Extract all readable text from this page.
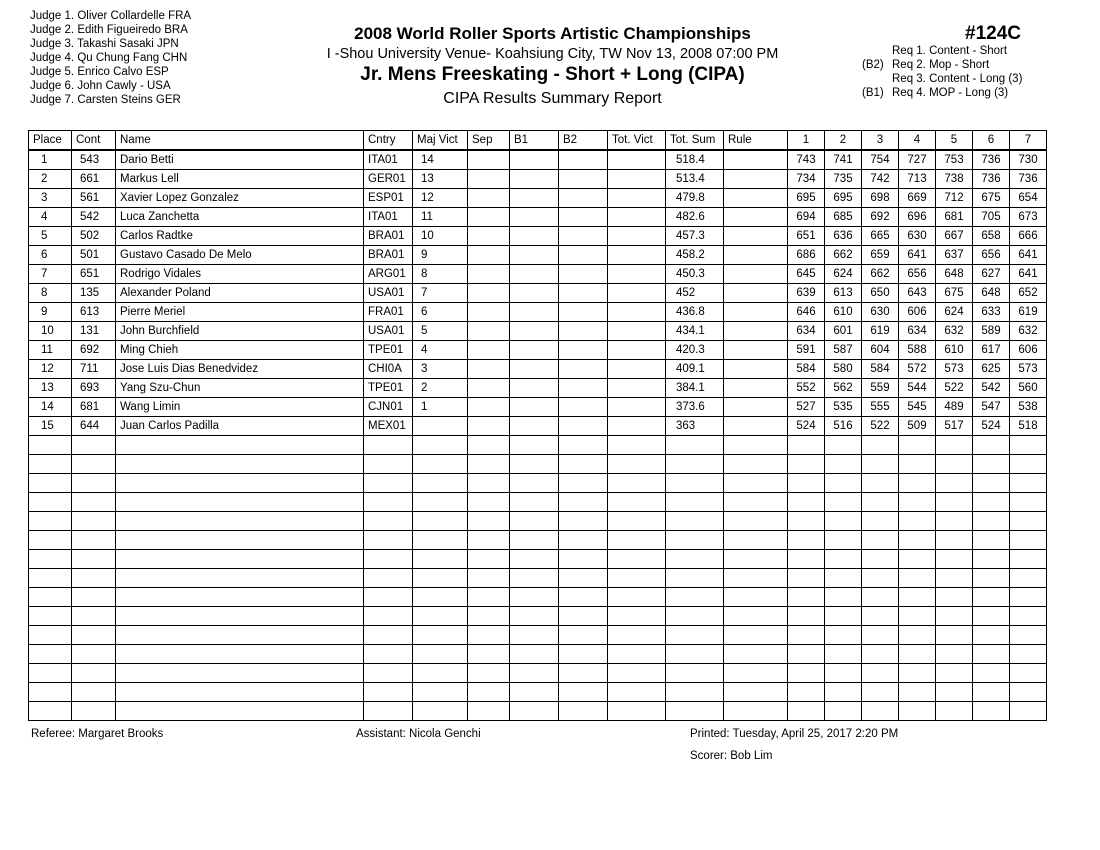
Judge 1. Oliver Collardelle FRA
Judge 2. Edith Figueiredo BRA
Judge 3. Takashi Sasaki JPN
Judge 4. Qu Chung Fang CHN
Judge 5. Enrico Calvo ESP
Judge 6. John Cawly - USA
Judge 7. Carsten Steins GER
2008 World Roller Sports Artistic Championships
I -Shou University Venue- Koahsiung City, TW Nov 13, 2008 07:00 PM
Jr. Mens Freeskating - Short + Long (CIPA)
CIPA Results Summary Report
#124C
Req 1. Content - Short
(B2) Req 2. Mop - Short
Req 3. Content - Long (3)
(B1) Req 4. MOP - Long (3)
Place	Cont	Name	Cntry	Maj Vict	Sep	B1	B2	Tot. Vict	Tot. Sum	Rule	1	2	3	4	5	6	7
1	543	Dario Betti	ITA01	14					518.4		743	741	754	727	753	736	730
2	661	Markus Lell	GER01	13					513.4		734	735	742	713	738	736	736
3	561	Xavier Lopez Gonzalez	ESP01	12					479.8		695	695	698	669	712	675	654
4	542	Luca Zanchetta	ITA01	11					482.6		694	685	692	696	681	705	673
5	502	Carlos Radtke	BRA01	10					457.3		651	636	665	630	667	658	666
6	501	Gustavo Casado De Melo	BRA01	9					458.2		686	662	659	641	637	656	641
7	651	Rodrigo Vidales	ARG01	8					450.3		645	624	662	656	648	627	641
8	135	Alexander Poland	USA01	7					452		639	613	650	643	675	648	652
9	613	Pierre Meriel	FRA01	6					436.8		646	610	630	606	624	633	619
10	131	John Burchfield	USA01	5					434.1		634	601	619	634	632	589	632
11	692	Ming Chieh	TPE01	4					420.3		591	587	604	588	610	617	606
12	711	Jose Luis Dias Benedvidez	CHI0A	3					409.1		584	580	584	572	573	625	573
13	693	Yang Szu-Chun	TPE01	2					384.1		552	562	559	544	522	542	560
14	681	Wang Limin	CJN01	1					373.6		527	535	555	545	489	547	538
15	644	Juan Carlos Padilla	MEX01						363		524	516	522	509	517	524	518

Referee: Margaret Brooks	Assistant: Nicola Genchi	Printed: Tuesday, April 25, 2017 2:20 PM
Scorer: Bob Lim
